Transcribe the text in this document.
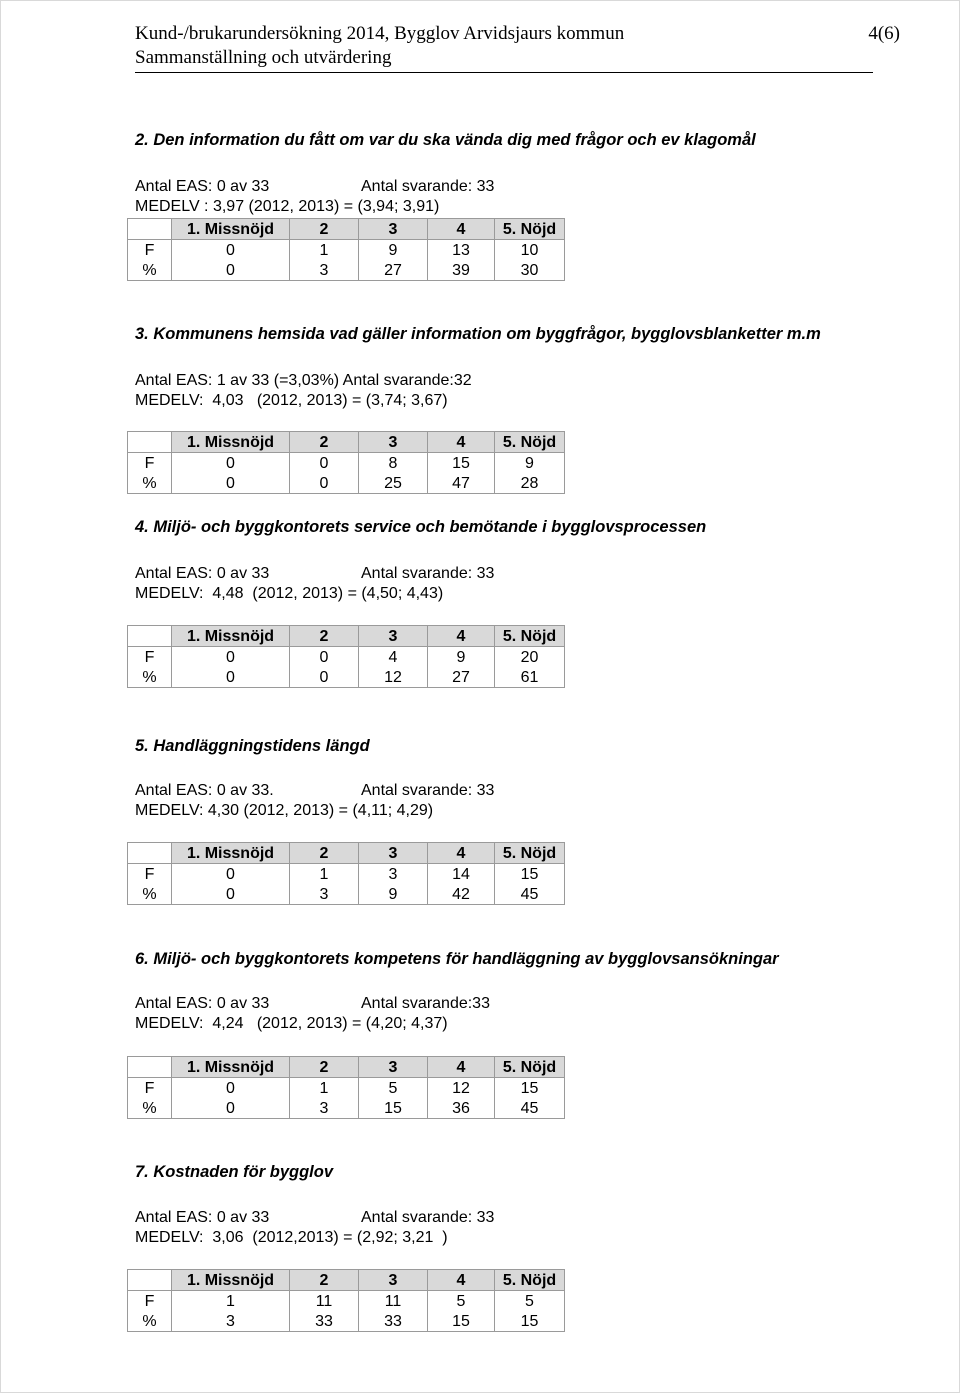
Kund-/brukarundersökning 2014, Bygglov Arvidsjaurs kommun	4(6)
Sammanställning och utvärdering
2. Den information du fått om var du ska vända dig med frågor och ev klagomål
Antal EAS: 0 av 33	Antal svarande: 33
MEDELV : 3,97 (2012, 2013) = (3,94; 3,91)
	1. Missnöjd	2	3	4	5. Nöjd
F	0	1	9	13	10
%	0	3	27	39	30
3. Kommunens hemsida vad gäller information om byggfrågor, bygglovsblanketter m.m
Antal EAS: 1 av 33 (=3,03%) Antal svarande:32
MEDELV:  4,03   (2012, 2013) = (3,74; 3,67)
	1. Missnöjd	2	3	4	5. Nöjd
F	0	0	8	15	9
%	0	0	25	47	28
4. Miljö- och byggkontorets service och bemötande i bygglovsprocessen
Antal EAS: 0 av 33	Antal svarande: 33
MEDELV:  4,48  (2012, 2013) = (4,50; 4,43)
	1. Missnöjd	2	3	4	5. Nöjd
F	0	0	4	9	20
%	0	0	12	27	61
5. Handläggningstidens längd
Antal EAS: 0 av 33.	Antal svarande: 33
MEDELV: 4,30 (2012, 2013) = (4,11; 4,29)
	1. Missnöjd	2	3	4	5. Nöjd
F	0	1	3	14	15
%	0	3	9	42	45
6. Miljö- och byggkontorets kompetens för handläggning av bygglovsansökningar
Antal EAS: 0 av 33	Antal svarande:33
MEDELV:  4,24   (2012, 2013) = (4,20; 4,37)
	1. Missnöjd	2	3	4	5. Nöjd
F	0	1	5	12	15
%	0	3	15	36	45
7. Kostnaden för bygglov
Antal EAS: 0 av 33	Antal svarande: 33
MEDELV:  3,06  (2012,2013) = (2,92; 3,21  )
	1. Missnöjd	2	3	4	5. Nöjd
F	1	11	11	5	5
%	3	33	33	15	15
